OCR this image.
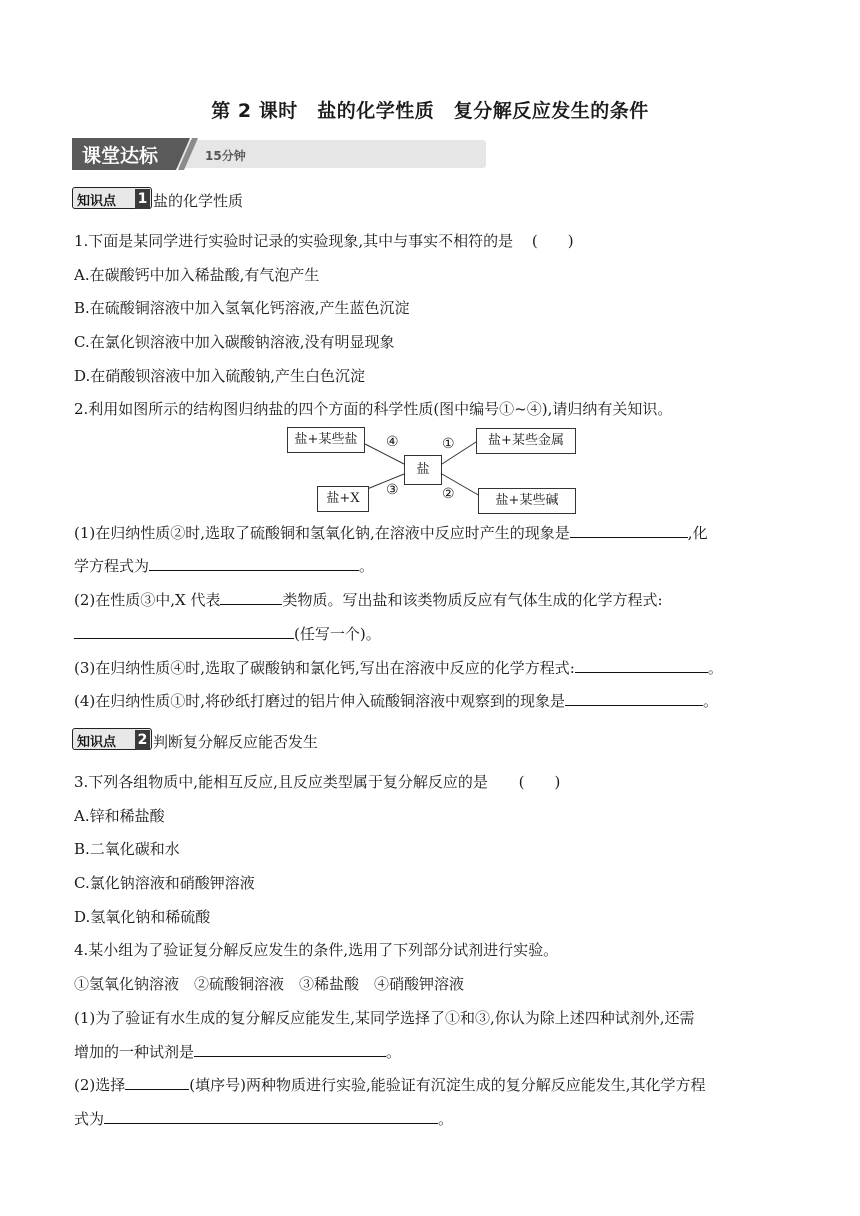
第 2 课时　盐的化学性质　复分解反应发生的条件
课堂达标	15分钟
知识点 1 盐的化学性质
1.下面是某同学进行实验时记录的实验现象,其中与事实不相符的是 (　　)
A.在碳酸钙中加入稀盐酸,有气泡产生
B.在硫酸铜溶液中加入氢氧化钙溶液,产生蓝色沉淀
C.在氯化钡溶液中加入碳酸钠溶液,没有明显现象
D.在硝酸钡溶液中加入硫酸钠,产生白色沉淀
2.利用如图所示的结构图归纳盐的四个方面的科学性质(图中编号①~④),请归纳有关知识。
盐+某些盐
盐+X
盐
盐+某些金属
盐+某些碱
④
③
①
②
(1)在归纳性质②时,选取了硫酸铜和氢氧化钠,在溶液中反应时产生的现象是	,化
学方程式为	。
(2)在性质③中,X 代表	类物质。写出盐和该类物质反应有气体生成的化学方程式:
(任写一个)。
(3)在归纳性质④时,选取了碳酸钠和氯化钙,写出在溶液中反应的化学方程式:	。
(4)在归纳性质①时,将砂纸打磨过的铝片伸入硫酸铜溶液中观察到的现象是	。
知识点 2 判断复分解反应能否发生
3.下列各组物质中,能相互反应,且反应类型属于复分解反应的是 (　　)
A.锌和稀盐酸
B.二氧化碳和水
C.氯化钠溶液和硝酸钾溶液
D.氢氧化钠和稀硫酸
4.某小组为了验证复分解反应发生的条件,选用了下列部分试剂进行实验。
①氢氧化钠溶液　②硫酸铜溶液　③稀盐酸　④硝酸钾溶液
(1)为了验证有水生成的复分解反应能发生,某同学选择了①和③,你认为除上述四种试剂外,还需
增加的一种试剂是	。
(2)选择	(填序号)两种物质进行实验,能验证有沉淀生成的复分解反应能发生,其化学方程
式为	。
